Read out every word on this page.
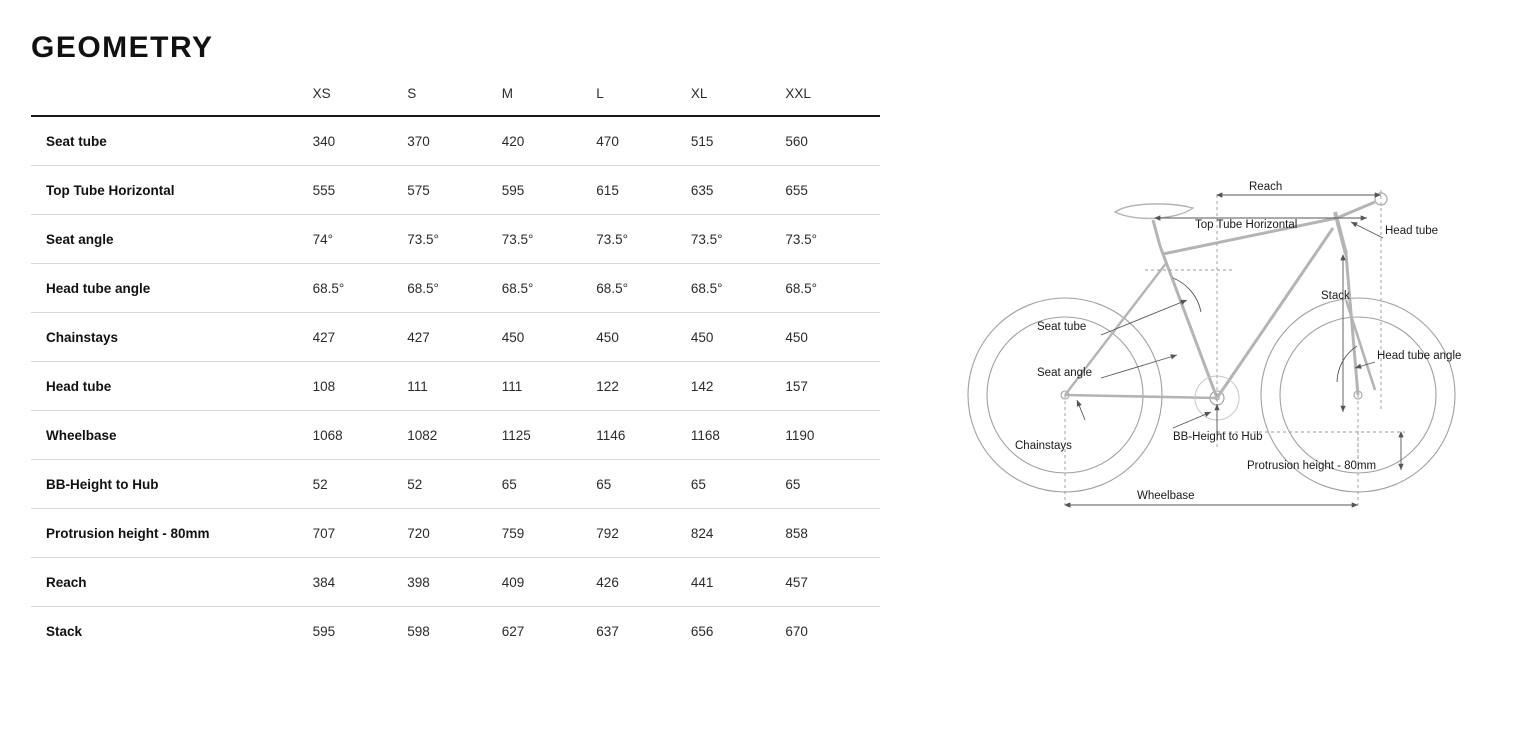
GEOMETRY
	XS	S	M	L	XL	XXL
Seat tube	340	370	420	470	515	560
Top Tube Horizontal	555	575	595	615	635	655
Seat angle	74°	73.5°	73.5°	73.5°	73.5°	73.5°
Head tube angle	68.5°	68.5°	68.5°	68.5°	68.5°	68.5°
Chainstays	427	427	450	450	450	450
Head tube	108	111	111	122	142	157
Wheelbase	1068	1082	1125	1146	1168	1190
BB-Height to Hub	52	52	65	65	65	65
Protrusion height - 80mm	707	720	759	792	824	858
Reach	384	398	409	426	441	457
Stack	595	598	627	637	656	670
Reach
Top Tube Horizontal	Head tube
Stack
Seat tube
Seat angle
Head tube angle
Chainstays
BB-Height to Hub
Protrusion height - 80mm
Wheelbase
